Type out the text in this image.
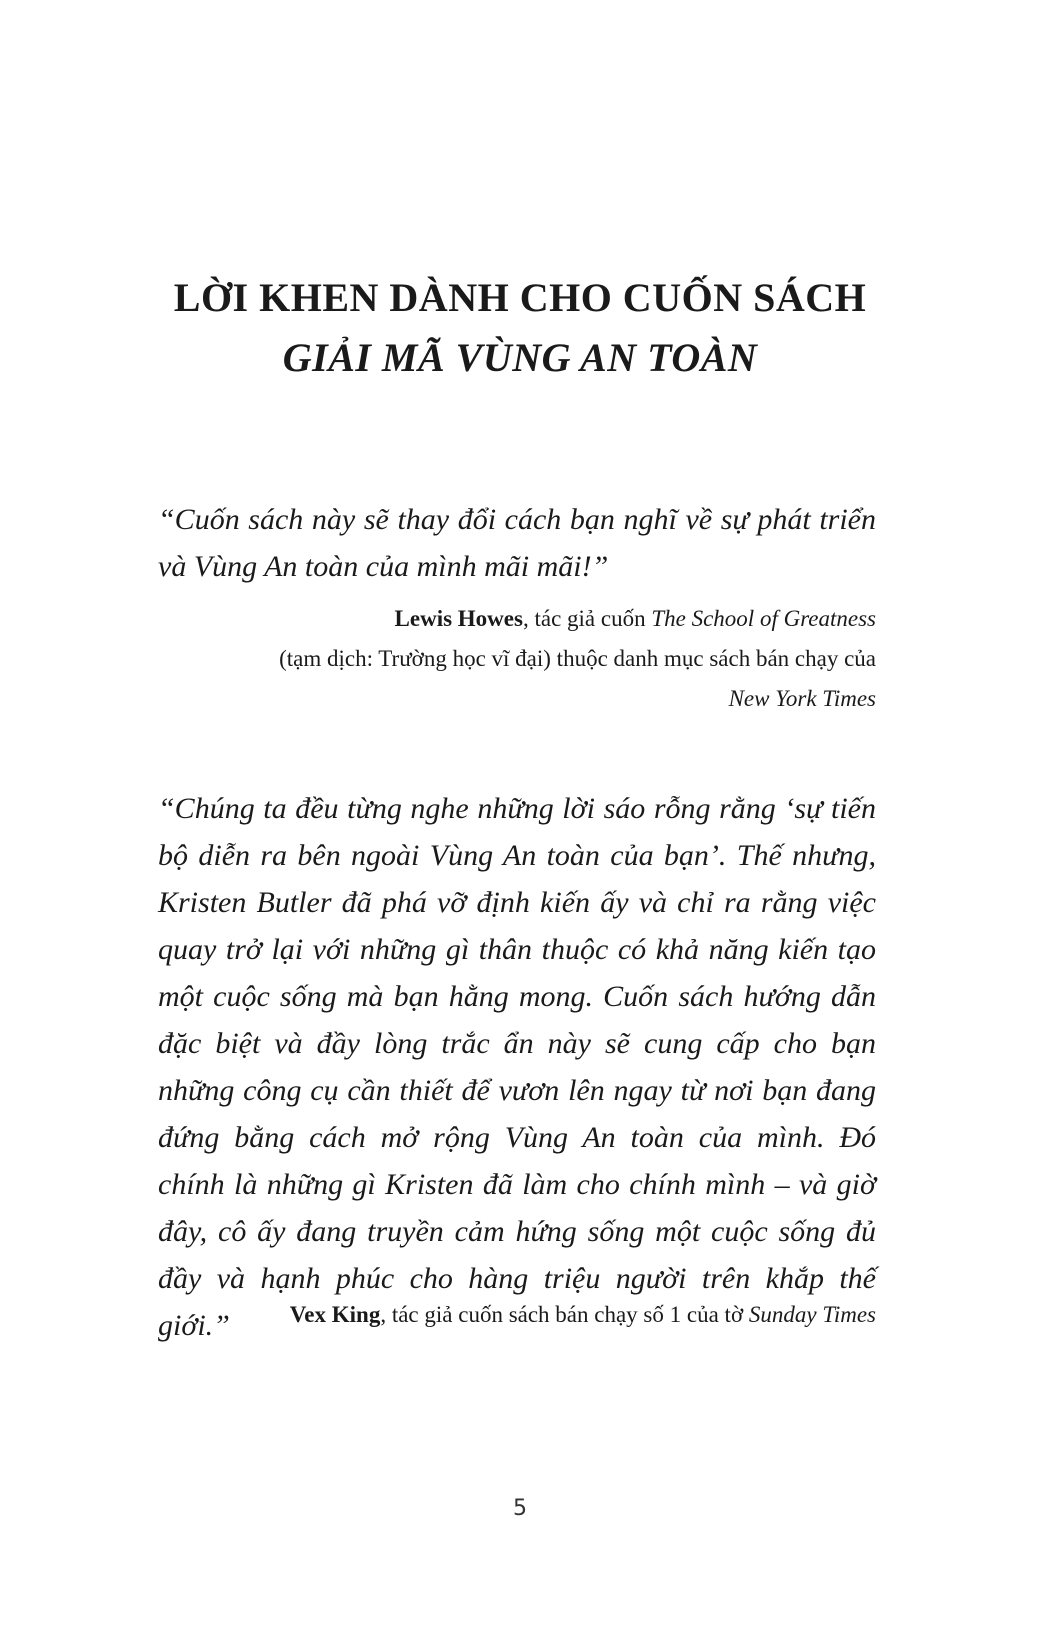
LỜI KHEN DÀNH CHO CUỐN SÁCH
GIẢI MÃ VÙNG AN TOÀN
“Cuốn sách này sẽ thay đổi cách bạn nghĩ về sự phát triển và Vùng An toàn của mình mãi mãi!”
Lewis Howes, tác giả cuốn The School of Greatness
(tạm dịch: Trường học vĩ đại) thuộc danh mục sách bán chạy của
New York Times
“Chúng ta đều từng nghe những lời sáo rỗng rằng ‘sự tiến bộ diễn ra bên ngoài Vùng An toàn của bạn’. Thế nhưng, Kristen Butler đã phá vỡ định kiến ấy và chỉ ra rằng việc quay trở lại với những gì thân thuộc có khả năng kiến tạo một cuộc sống mà bạn hằng mong. Cuốn sách hướng dẫn đặc biệt và đầy lòng trắc ẩn này sẽ cung cấp cho bạn những công cụ cần thiết để vươn lên ngay từ nơi bạn đang đứng bằng cách mở rộng Vùng An toàn của mình. Đó chính là những gì Kristen đã làm cho chính mình – và giờ đây, cô ấy đang truyền cảm hứng sống một cuộc sống đủ đầy và hạnh phúc cho hàng triệu người trên khắp thế giới.”	Vex King, tác giả cuốn sách bán chạy số 1 của tờ Sunday Times
5
